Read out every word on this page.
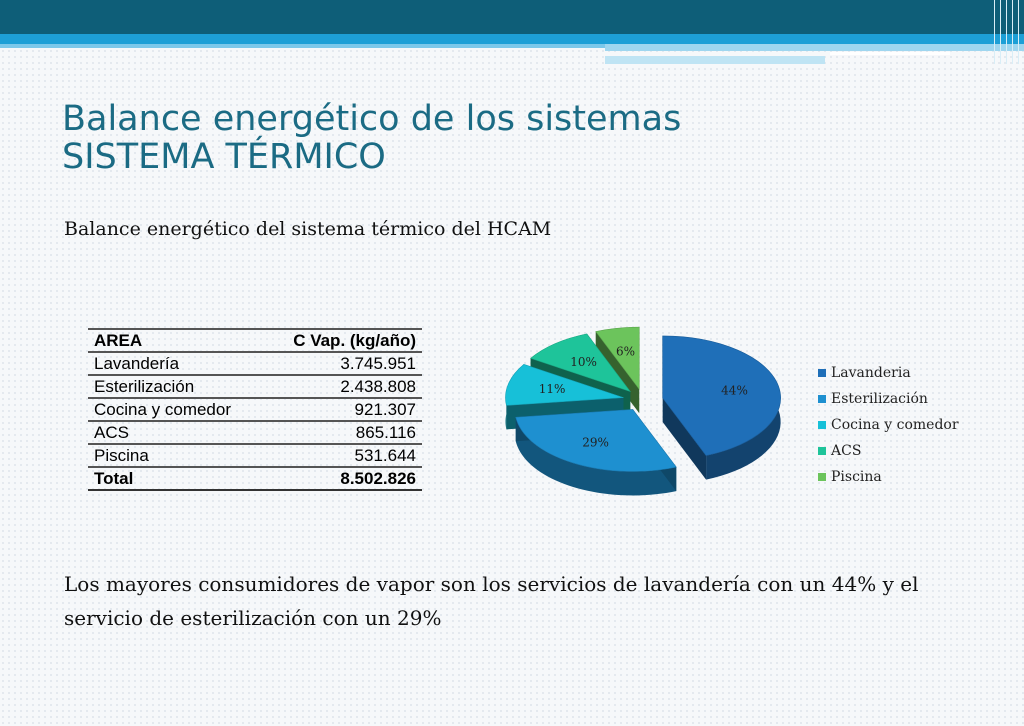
Balance energético de los sistemas
SISTEMA TÉRMICO
Balance energético del sistema térmico del HCAM
AREA	C Vap. (kg/año)
Lavandería	3.745.951
Esterilización	2.438.808
Cocina y comedor	921.307
ACS	865.116
Piscina	531.644
Total	8.502.826
6%
10%
11%	44%
29%
Lavanderia
Esterilización
Cocina y comedor
ACS
Piscina
Los mayores consumidores de vapor son los servicios de lavandería con un 44% y el servicio de esterilización con un 29%
